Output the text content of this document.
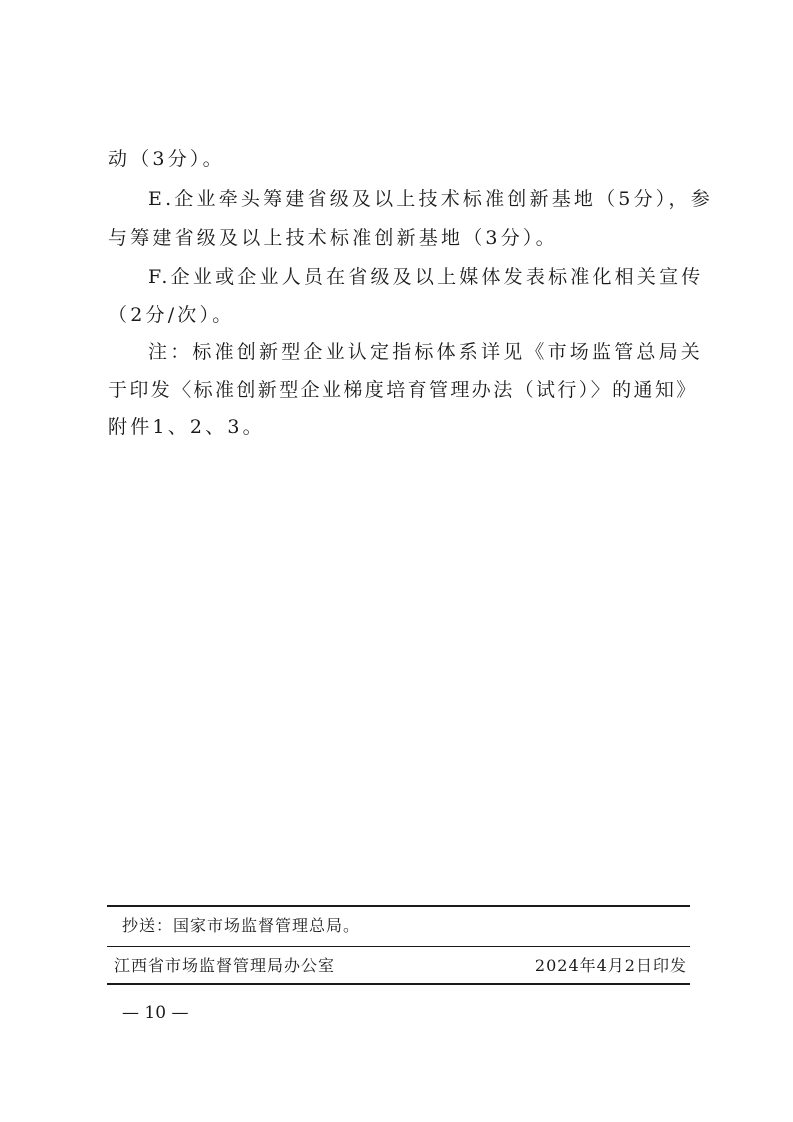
动（3分）。
E.企业牵头筹建省级及以上技术标准创新基地（5分），参
与筹建省级及以上技术标准创新基地（3分）。
F.企业或企业人员在省级及以上媒体发表标准化相关宣传
（2分/次）。
注：标准创新型企业认定指标体系详见《市场监管总局关
于印发〈标准创新型企业梯度培育管理办法（试行）〉的通知》
附件1、2、3。
抄送：国家市场监督管理总局。
江西省市场监督管理局办公室	2024年4月2日印发
— 10 —
